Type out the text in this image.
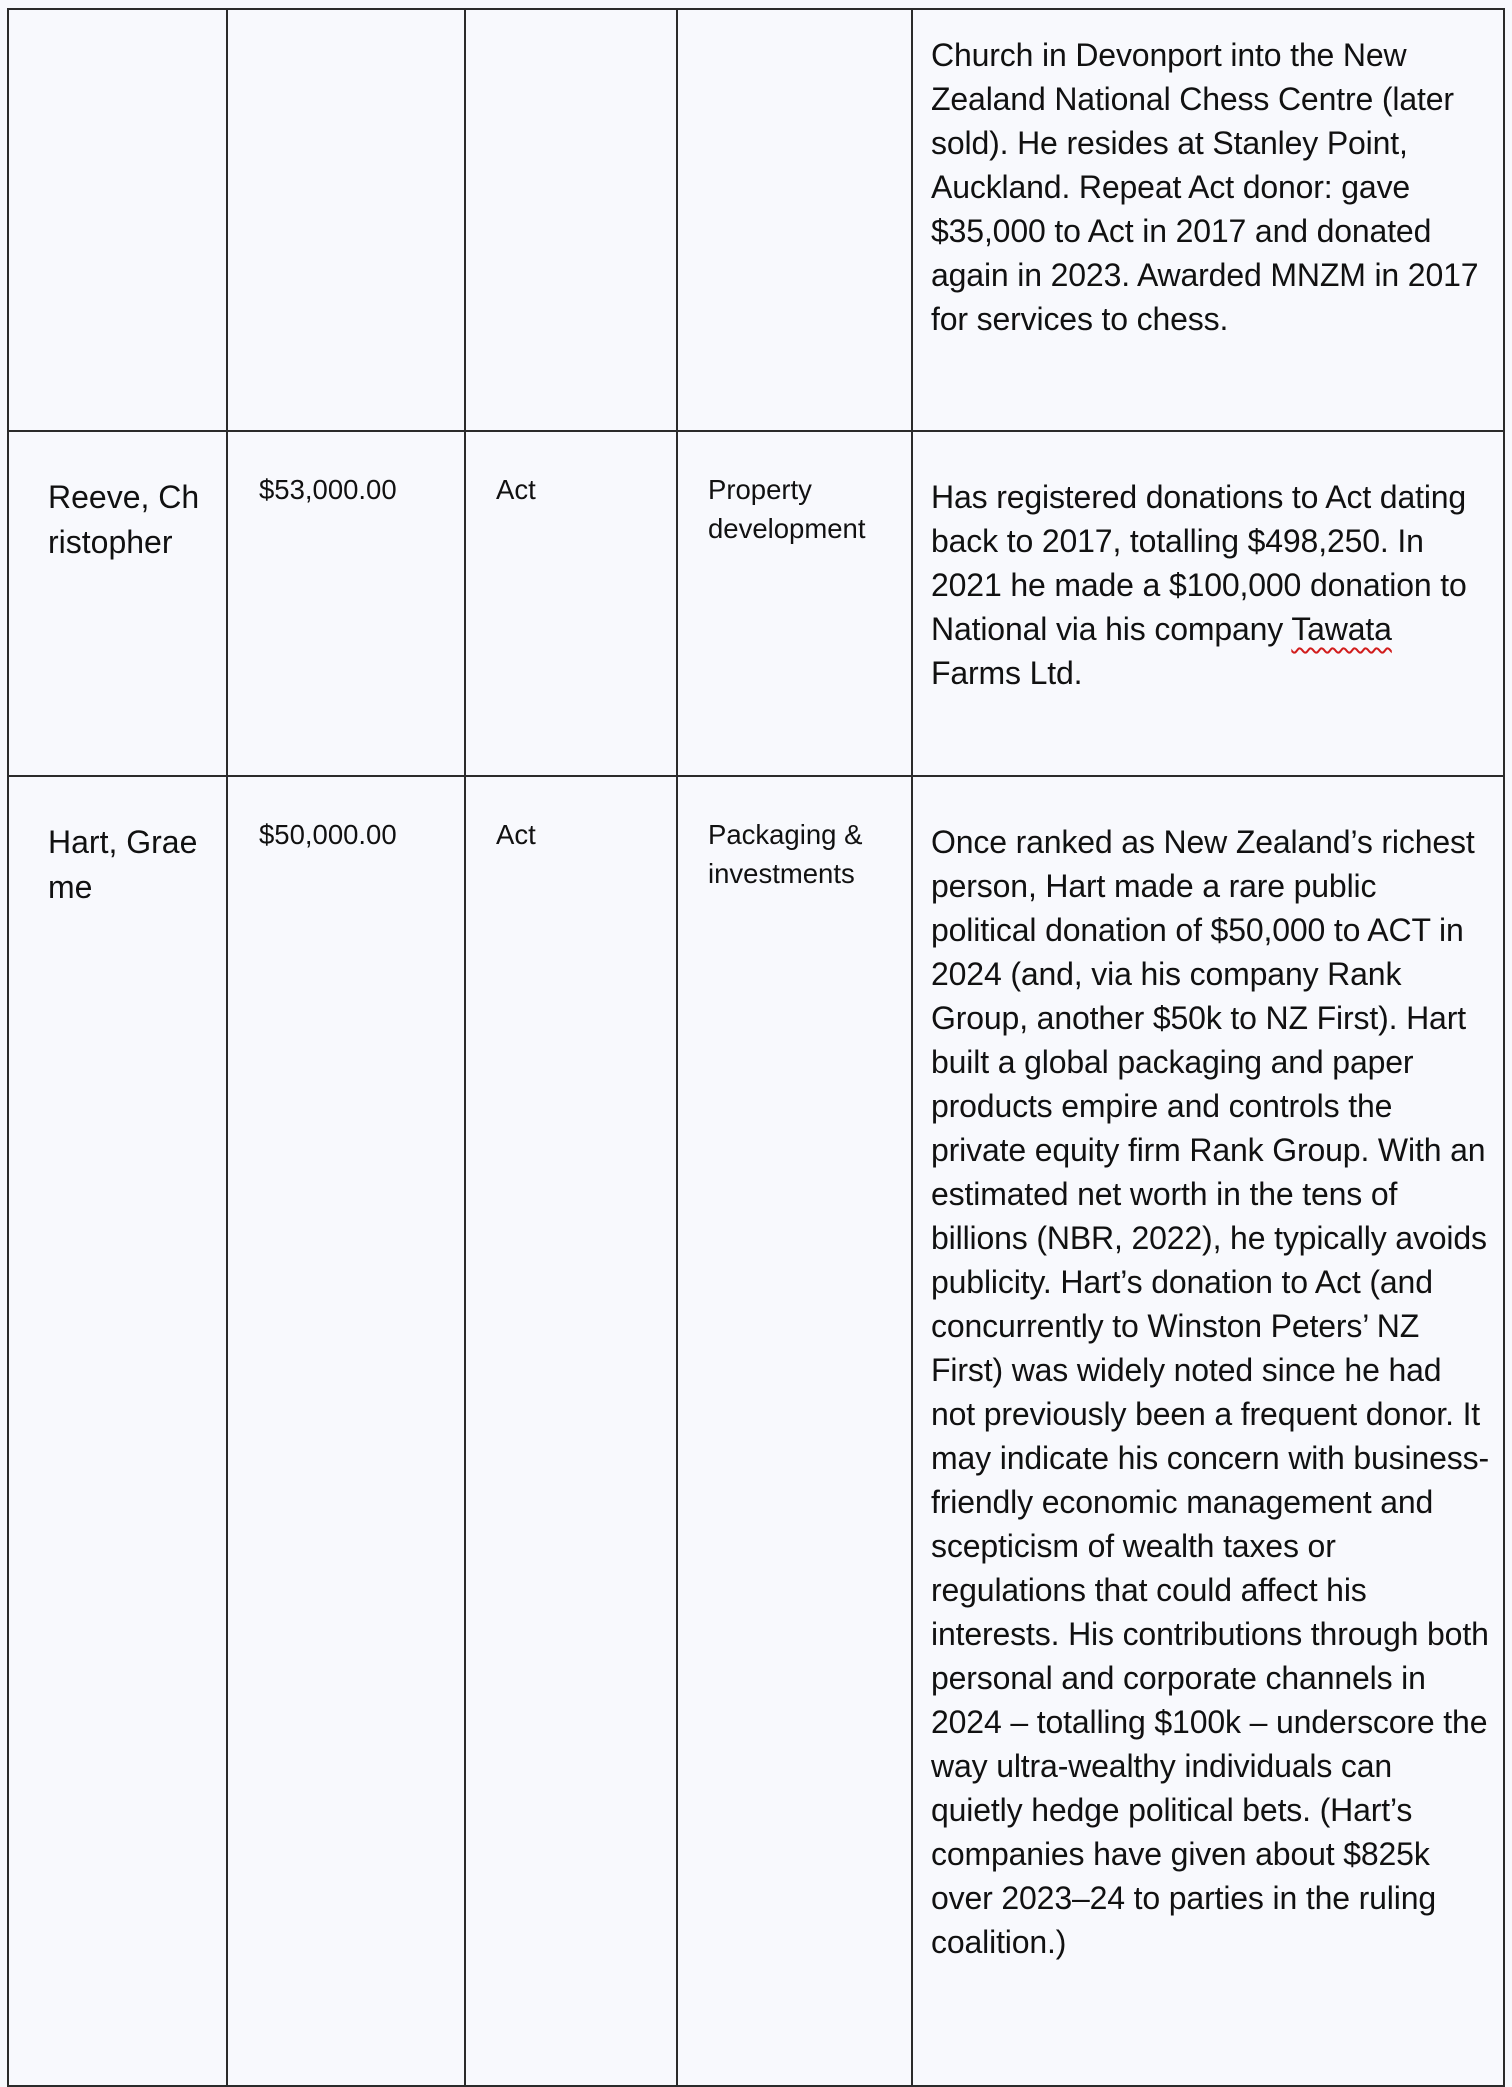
				Church in Devonport into the New Zealand National Chess Centre (later sold). He resides at Stanley Point, Auckland. Repeat Act donor: gave $35,000 to Act in 2017 and donated again in 2023. Awarded MNZM in 2017 for services to chess.
Reeve, Christopher	$53,000.00	Act	Property development	Has registered donations to Act dating back to 2017, totalling $498,250. In 2021 he made a $100,000 donation to National via his company Tawata Farms Ltd.
Hart, Graeme	$50,000.00	Act	Packaging & investments	Once ranked as New Zealand’s richest person, Hart made a rare public political donation of $50,000 to ACT in 2024 (and, via his company Rank Group, another $50k to NZ First). Hart built a global packaging and paper products empire and controls the private equity firm Rank Group. With an estimated net worth in the tens of billions (NBR, 2022), he typically avoids publicity. Hart’s donation to Act (and concurrently to Winston Peters’ NZ First) was widely noted since he had not previously been a frequent donor. It may indicate his concern with business-friendly economic management and scepticism of wealth taxes or regulations that could affect his interests. His contributions through both personal and corporate channels in 2024 – totalling $100k – underscore the way ultra-wealthy individuals can quietly hedge political bets. (Hart’s companies have given about $825k over 2023–24 to parties in the ruling coalition.)
